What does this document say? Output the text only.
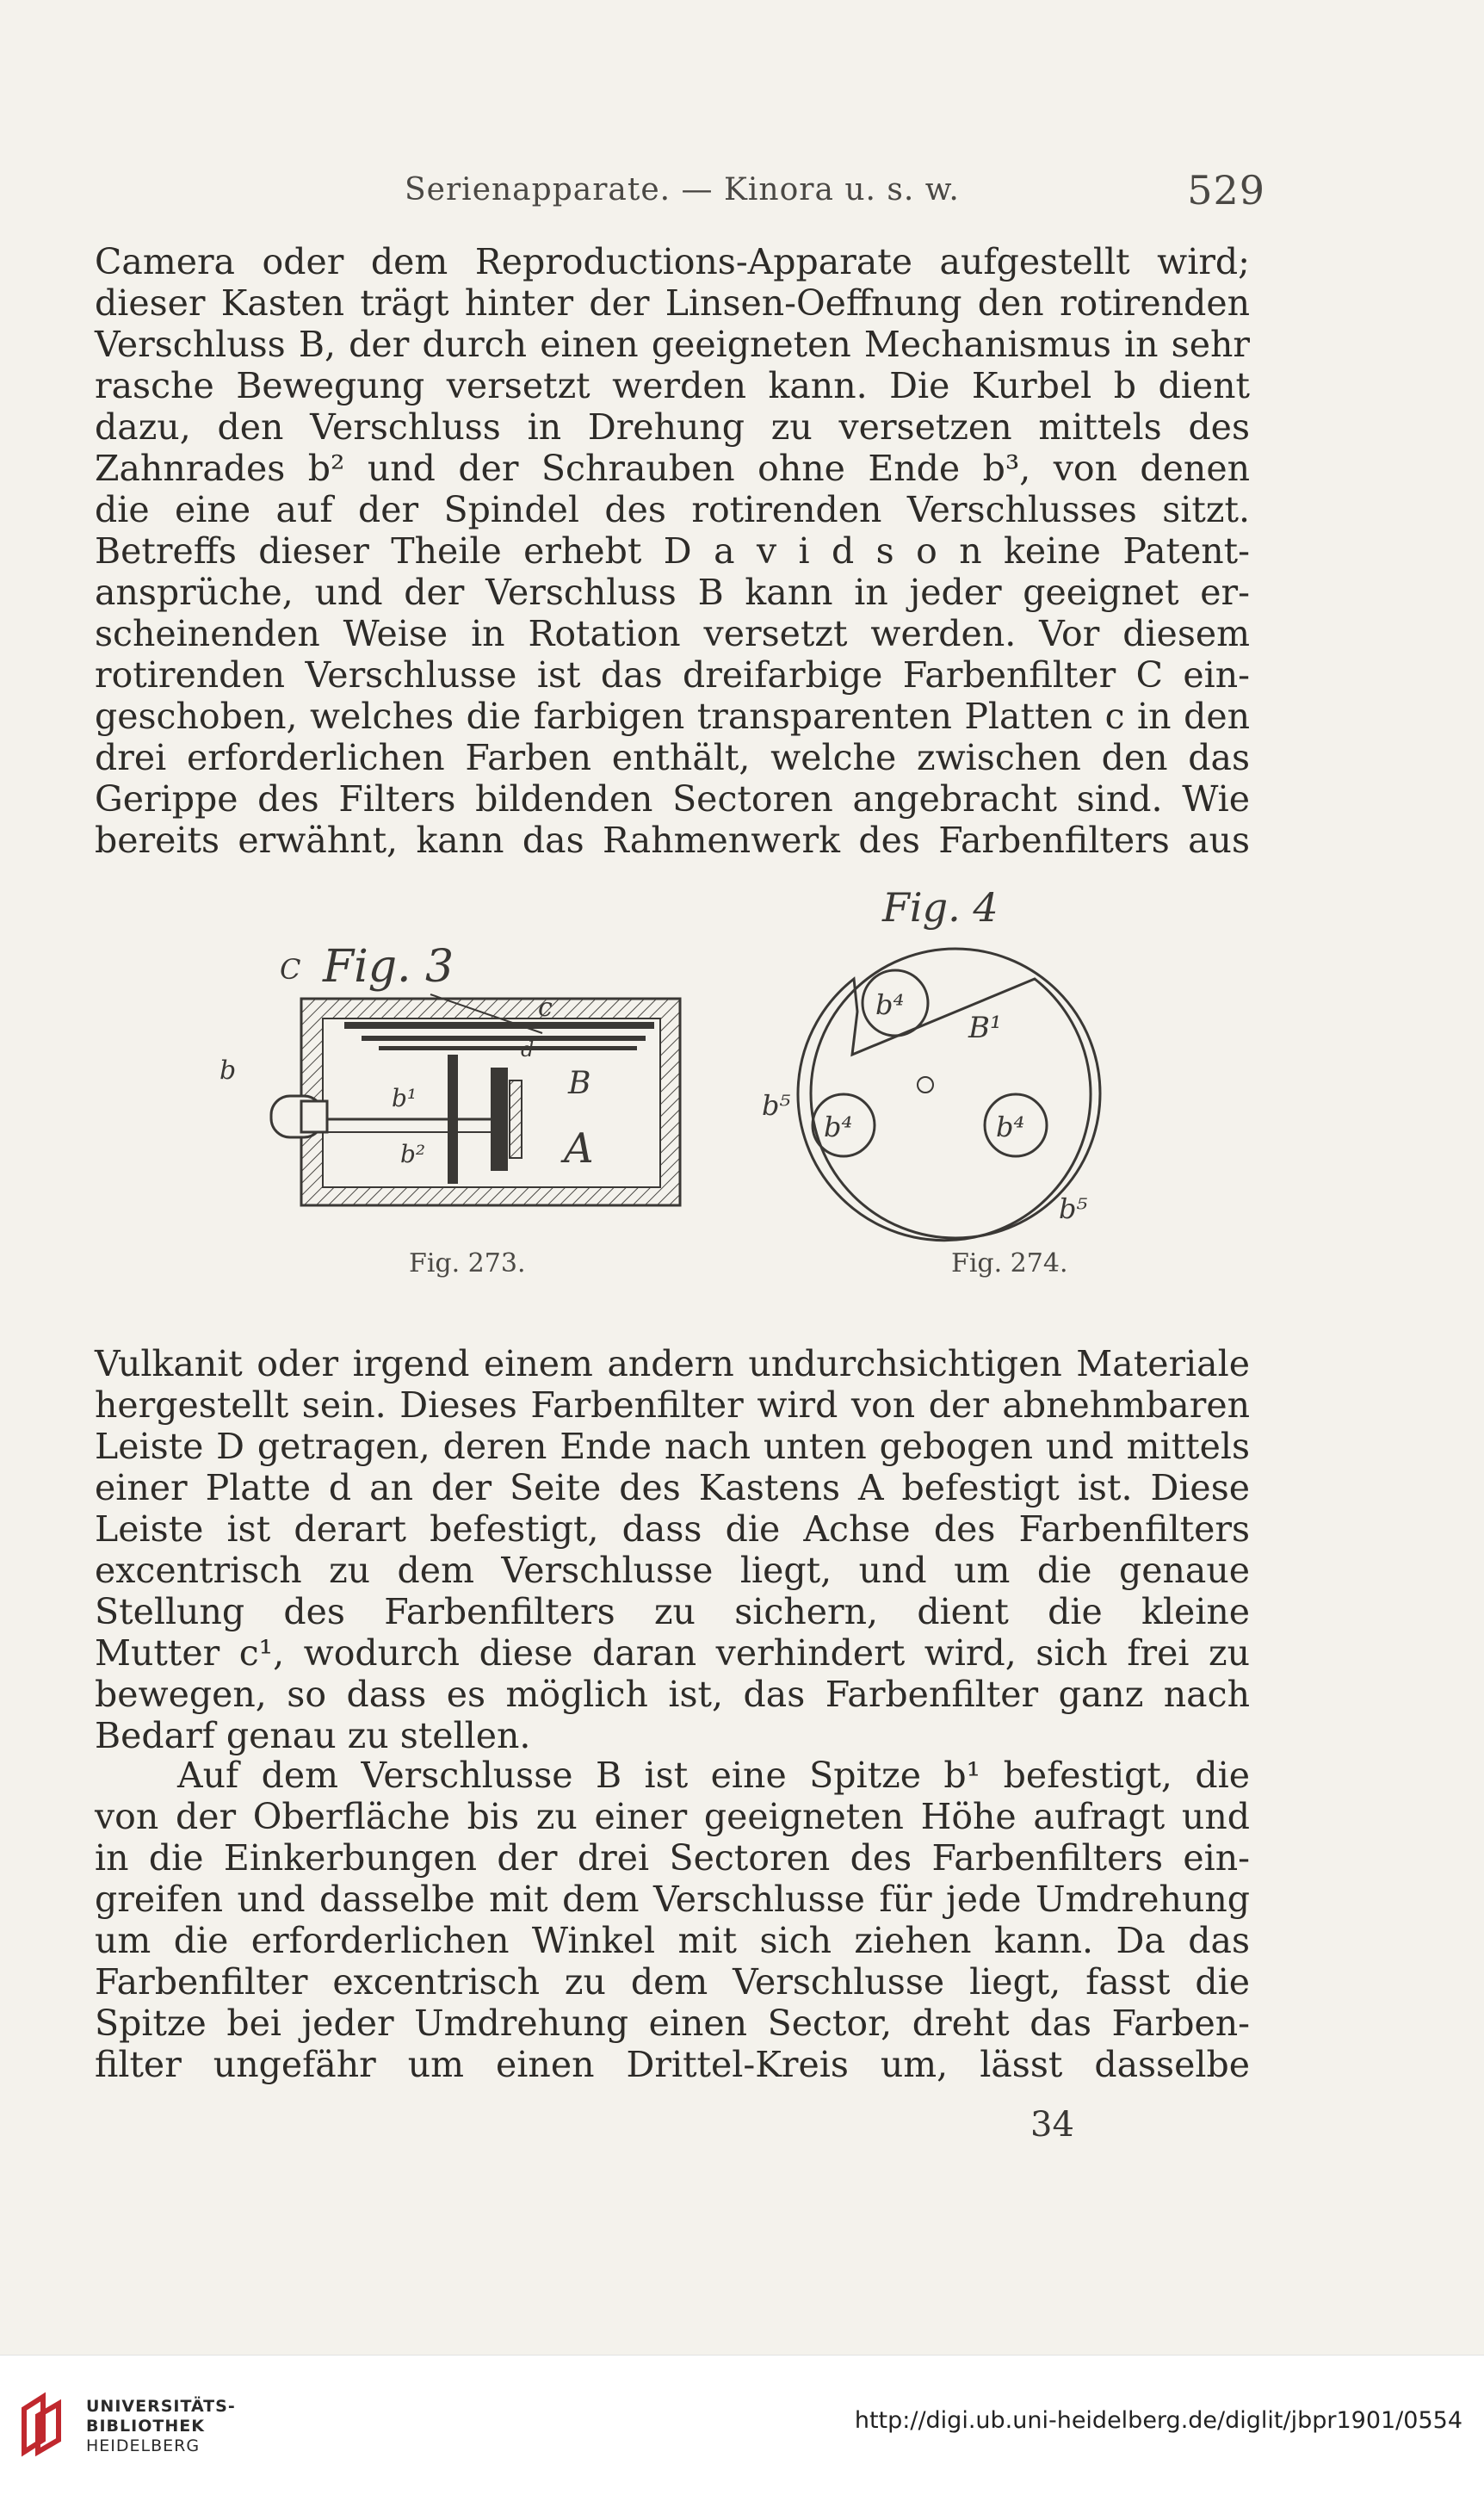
Serienapparate. — Kinora u. s. w.	529
Camera oder dem Reproductions-Apparate aufgestellt wird;
dieser Kasten trägt hinter der Linsen-Oeffnung den rotirenden
Verschluss B, der durch einen geeigneten Mechanismus in sehr
rasche Bewegung versetzt werden kann. Die Kurbel b dient
dazu, den Verschluss in Drehung zu versetzen mittels des
Zahnrades b² und der Schrauben ohne Ende b³, von denen
die eine auf der Spindel des rotirenden Verschlusses sitzt.
Betreffs dieser Theile erhebt D a v i d s o n keine Patent-
ansprüche, und der Verschluss B kann in jeder geeignet er-
scheinenden Weise in Rotation versetzt werden. Vor diesem
rotirenden Verschlusse ist das dreifarbige Farbenfilter C ein-
geschoben, welches die farbigen transparenten Platten c in den
drei erforderlichen Farben enthält, welche zwischen den das
Gerippe des Filters bildenden Sectoren angebracht sind. Wie
bereits erwähnt, kann das Rahmenwerk des Farbenfilters aus
Fig. 3
C
b
b¹
b²
d
B
A
Fig. 273.
Fig. 4
b⁴
b⁴	b⁴
B¹
b⁵
b⁵
Fig. 274.
Vulkanit oder irgend einem andern undurchsichtigen Materiale
hergestellt sein. Dieses Farbenfilter wird von der abnehmbaren
Leiste D getragen, deren Ende nach unten gebogen und mittels
einer Platte d an der Seite des Kastens A befestigt ist. Diese
Leiste ist derart befestigt, dass die Achse des Farbenfilters
excentrisch zu dem Verschlusse liegt, und um die genaue
Stellung des Farbenfilters zu sichern, dient die kleine
Mutter c¹, wodurch diese daran verhindert wird, sich frei zu
bewegen, so dass es möglich ist, das Farbenfilter ganz nach
Bedarf genau zu stellen.
Auf dem Verschlusse B ist eine Spitze b¹ befestigt, die
von der Oberfläche bis zu einer geeigneten Höhe aufragt und
in die Einkerbungen der drei Sectoren des Farbenfilters ein-
greifen und dasselbe mit dem Verschlusse für jede Umdrehung
um die erforderlichen Winkel mit sich ziehen kann. Da das
Farbenfilter excentrisch zu dem Verschlusse liegt, fasst die
Spitze bei jeder Umdrehung einen Sector, dreht das Farben-
filter ungefähr um einen Drittel-Kreis um, lässt dasselbe
34
UNIVERSITÄTS-
BIBLIOTHEK
HEIDELBERG
http://digi.ub.uni-heidelberg.de/diglit/jbpr1901/0554
